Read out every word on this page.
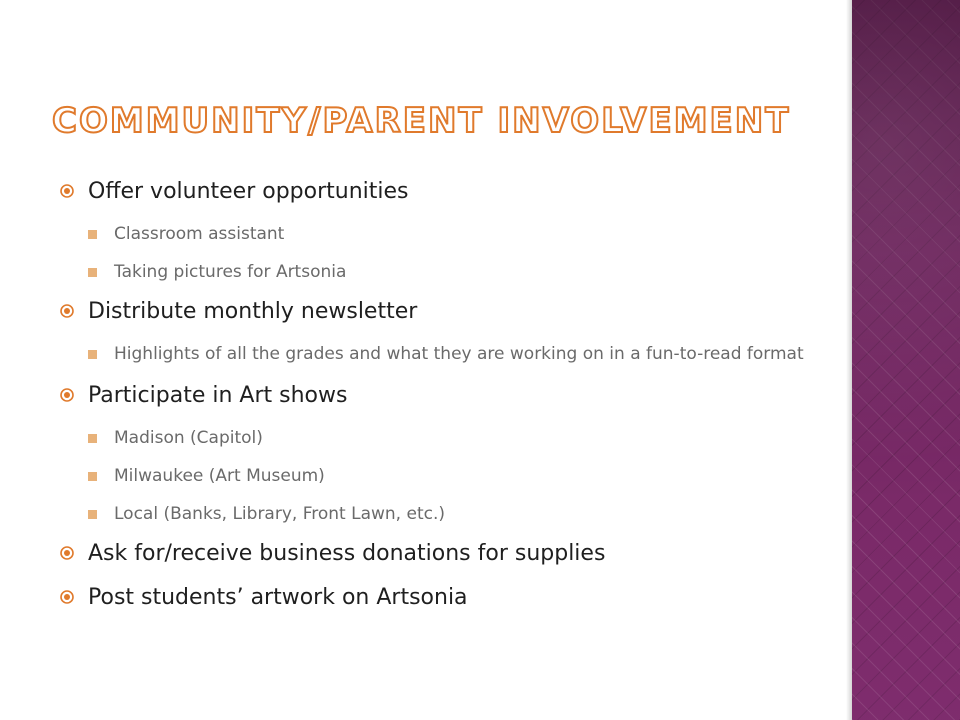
COMMUNITY/PARENT INVOLVEMENT
Offer volunteer opportunities
Classroom assistant
Taking pictures for Artsonia
Distribute monthly newsletter
Highlights of all the grades and what they are working on in a fun-to-read format
Participate in Art shows
Madison (Capitol)
Milwaukee (Art Museum)
Local (Banks, Library, Front Lawn, etc.)
Ask for/receive business donations for supplies
Post students’ artwork on Artsonia
